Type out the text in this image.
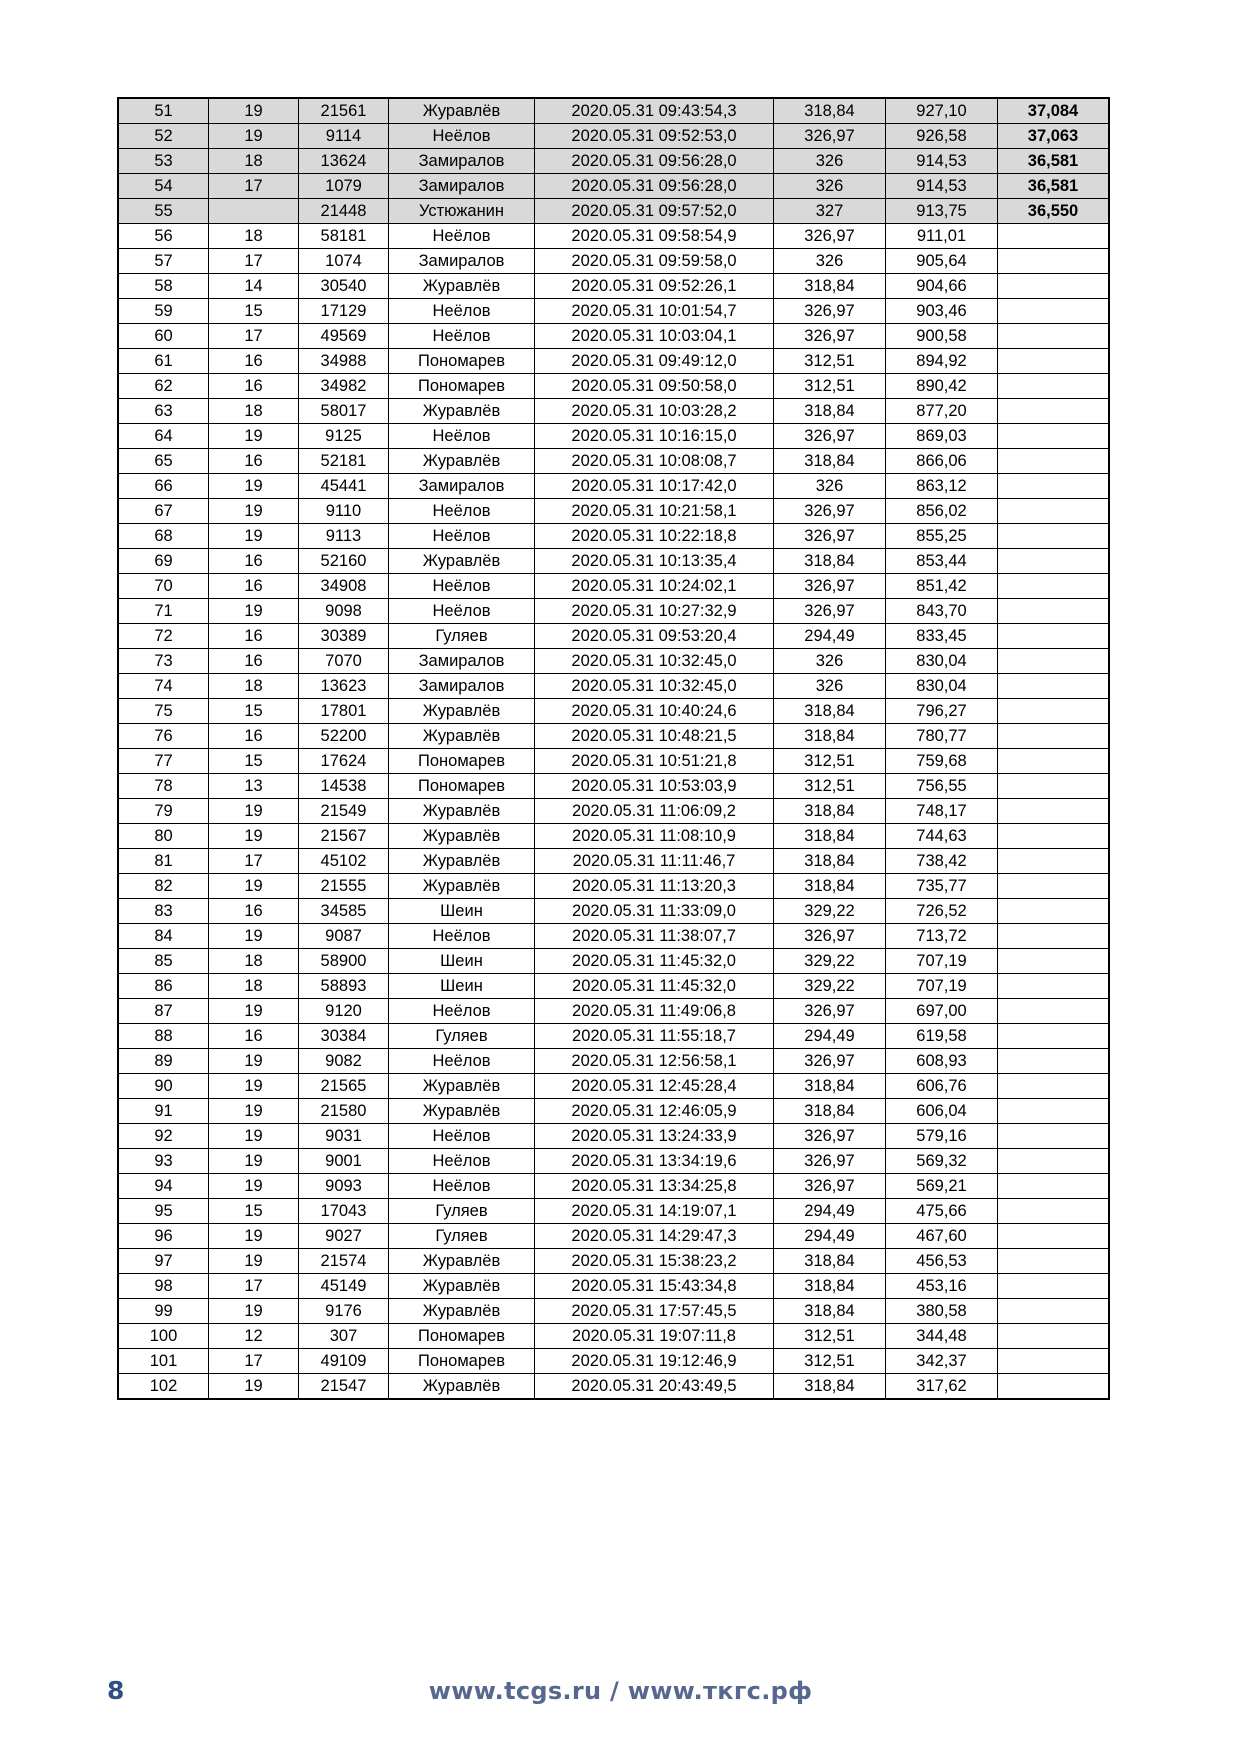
51	19	21561	Журавлёв	2020.05.31 09:43:54,3	318,84	927,10	37,084
52	19	9114	Неёлов	2020.05.31 09:52:53,0	326,97	926,58	37,063
53	18	13624	Замиралов	2020.05.31 09:56:28,0	326	914,53	36,581
54	17	1079	Замиралов	2020.05.31 09:56:28,0	326	914,53	36,581
55		21448	Устюжанин	2020.05.31 09:57:52,0	327	913,75	36,550
56	18	58181	Неёлов	2020.05.31 09:58:54,9	326,97	911,01	
57	17	1074	Замиралов	2020.05.31 09:59:58,0	326	905,64	
58	14	30540	Журавлёв	2020.05.31 09:52:26,1	318,84	904,66	
59	15	17129	Неёлов	2020.05.31 10:01:54,7	326,97	903,46	
60	17	49569	Неёлов	2020.05.31 10:03:04,1	326,97	900,58	
61	16	34988	Пономарев	2020.05.31 09:49:12,0	312,51	894,92	
62	16	34982	Пономарев	2020.05.31 09:50:58,0	312,51	890,42	
63	18	58017	Журавлёв	2020.05.31 10:03:28,2	318,84	877,20	
64	19	9125	Неёлов	2020.05.31 10:16:15,0	326,97	869,03	
65	16	52181	Журавлёв	2020.05.31 10:08:08,7	318,84	866,06	
66	19	45441	Замиралов	2020.05.31 10:17:42,0	326	863,12	
67	19	9110	Неёлов	2020.05.31 10:21:58,1	326,97	856,02	
68	19	9113	Неёлов	2020.05.31 10:22:18,8	326,97	855,25	
69	16	52160	Журавлёв	2020.05.31 10:13:35,4	318,84	853,44	
70	16	34908	Неёлов	2020.05.31 10:24:02,1	326,97	851,42	
71	19	9098	Неёлов	2020.05.31 10:27:32,9	326,97	843,70	
72	16	30389	Гуляев	2020.05.31 09:53:20,4	294,49	833,45	
73	16	7070	Замиралов	2020.05.31 10:32:45,0	326	830,04	
74	18	13623	Замиралов	2020.05.31 10:32:45,0	326	830,04	
75	15	17801	Журавлёв	2020.05.31 10:40:24,6	318,84	796,27	
76	16	52200	Журавлёв	2020.05.31 10:48:21,5	318,84	780,77	
77	15	17624	Пономарев	2020.05.31 10:51:21,8	312,51	759,68	
78	13	14538	Пономарев	2020.05.31 10:53:03,9	312,51	756,55	
79	19	21549	Журавлёв	2020.05.31 11:06:09,2	318,84	748,17	
80	19	21567	Журавлёв	2020.05.31 11:08:10,9	318,84	744,63	
81	17	45102	Журавлёв	2020.05.31 11:11:46,7	318,84	738,42	
82	19	21555	Журавлёв	2020.05.31 11:13:20,3	318,84	735,77	
83	16	34585	Шеин	2020.05.31 11:33:09,0	329,22	726,52	
84	19	9087	Неёлов	2020.05.31 11:38:07,7	326,97	713,72	
85	18	58900	Шеин	2020.05.31 11:45:32,0	329,22	707,19	
86	18	58893	Шеин	2020.05.31 11:45:32,0	329,22	707,19	
87	19	9120	Неёлов	2020.05.31 11:49:06,8	326,97	697,00	
88	16	30384	Гуляев	2020.05.31 11:55:18,7	294,49	619,58	
89	19	9082	Неёлов	2020.05.31 12:56:58,1	326,97	608,93	
90	19	21565	Журавлёв	2020.05.31 12:45:28,4	318,84	606,76	
91	19	21580	Журавлёв	2020.05.31 12:46:05,9	318,84	606,04	
92	19	9031	Неёлов	2020.05.31 13:24:33,9	326,97	579,16	
93	19	9001	Неёлов	2020.05.31 13:34:19,6	326,97	569,32	
94	19	9093	Неёлов	2020.05.31 13:34:25,8	326,97	569,21	
95	15	17043	Гуляев	2020.05.31 14:19:07,1	294,49	475,66	
96	19	9027	Гуляев	2020.05.31 14:29:47,3	294,49	467,60	
97	19	21574	Журавлёв	2020.05.31 15:38:23,2	318,84	456,53	
98	17	45149	Журавлёв	2020.05.31 15:43:34,8	318,84	453,16	
99	19	9176	Журавлёв	2020.05.31 17:57:45,5	318,84	380,58	
100	12	307	Пономарев	2020.05.31 19:07:11,8	312,51	344,48	
101	17	49109	Пономарев	2020.05.31 19:12:46,9	312,51	342,37	
102	19	21547	Журавлёв	2020.05.31 20:43:49,5	318,84	317,62	
8	www.tcgs.ru / www.ткгс.рф
